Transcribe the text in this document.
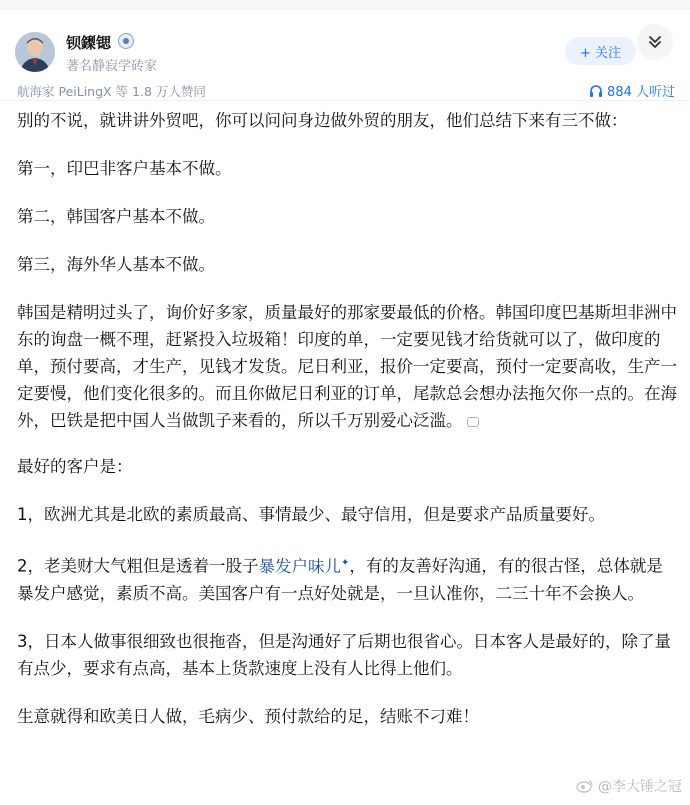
钡鏫锶
著名静寂学砖家
+ 关注
航海家 PeiLingX 等 1.8 万人赞同	884 人听过

别的不说，就讲讲外贸吧，你可以问问身边做外贸的朋友，他们总结下来有三不做：

第一，印巴非客户基本不做。

第二，韩国客户基本不做。

第三，海外华人基本不做。

韩国是精明过头了，询价好多家，质量最好的那家要最低的价格。韩国印度巴基斯坦非洲中东的询盘一概不理，赶紧投入垃圾箱！印度的单，一定要见钱才给货就可以了，做印度的单，预付要高，才生产，见钱才发货。尼日利亚，报价一定要高，预付一定要高收，生产一定要慢，他们变化很多的。而且你做尼日利亚的订单，尾款总会想办法拖欠你一点的。在海外，巴铁是把中国人当做凯子来看的，所以千万别爱心泛滥。

最好的客户是：

1，欧洲尤其是北欧的素质最高、事情最少、最守信用，但是要求产品质量要好。

2，老美财大气粗但是透着一股子暴发户味儿✦，有的友善好沟通，有的很古怪，总体就是暴发户感觉，素质不高。美国客户有一点好处就是，一旦认准你，二三十年不会换人。

3，日本人做事很细致也很拖沓，但是沟通好了后期也很省心。日本客人是最好的，除了量有点少，要求有点高，基本上货款速度上没有人比得上他们。

生意就得和欧美日人做，毛病少、预付款给的足，结账不刁难！

@李大锤之冠
